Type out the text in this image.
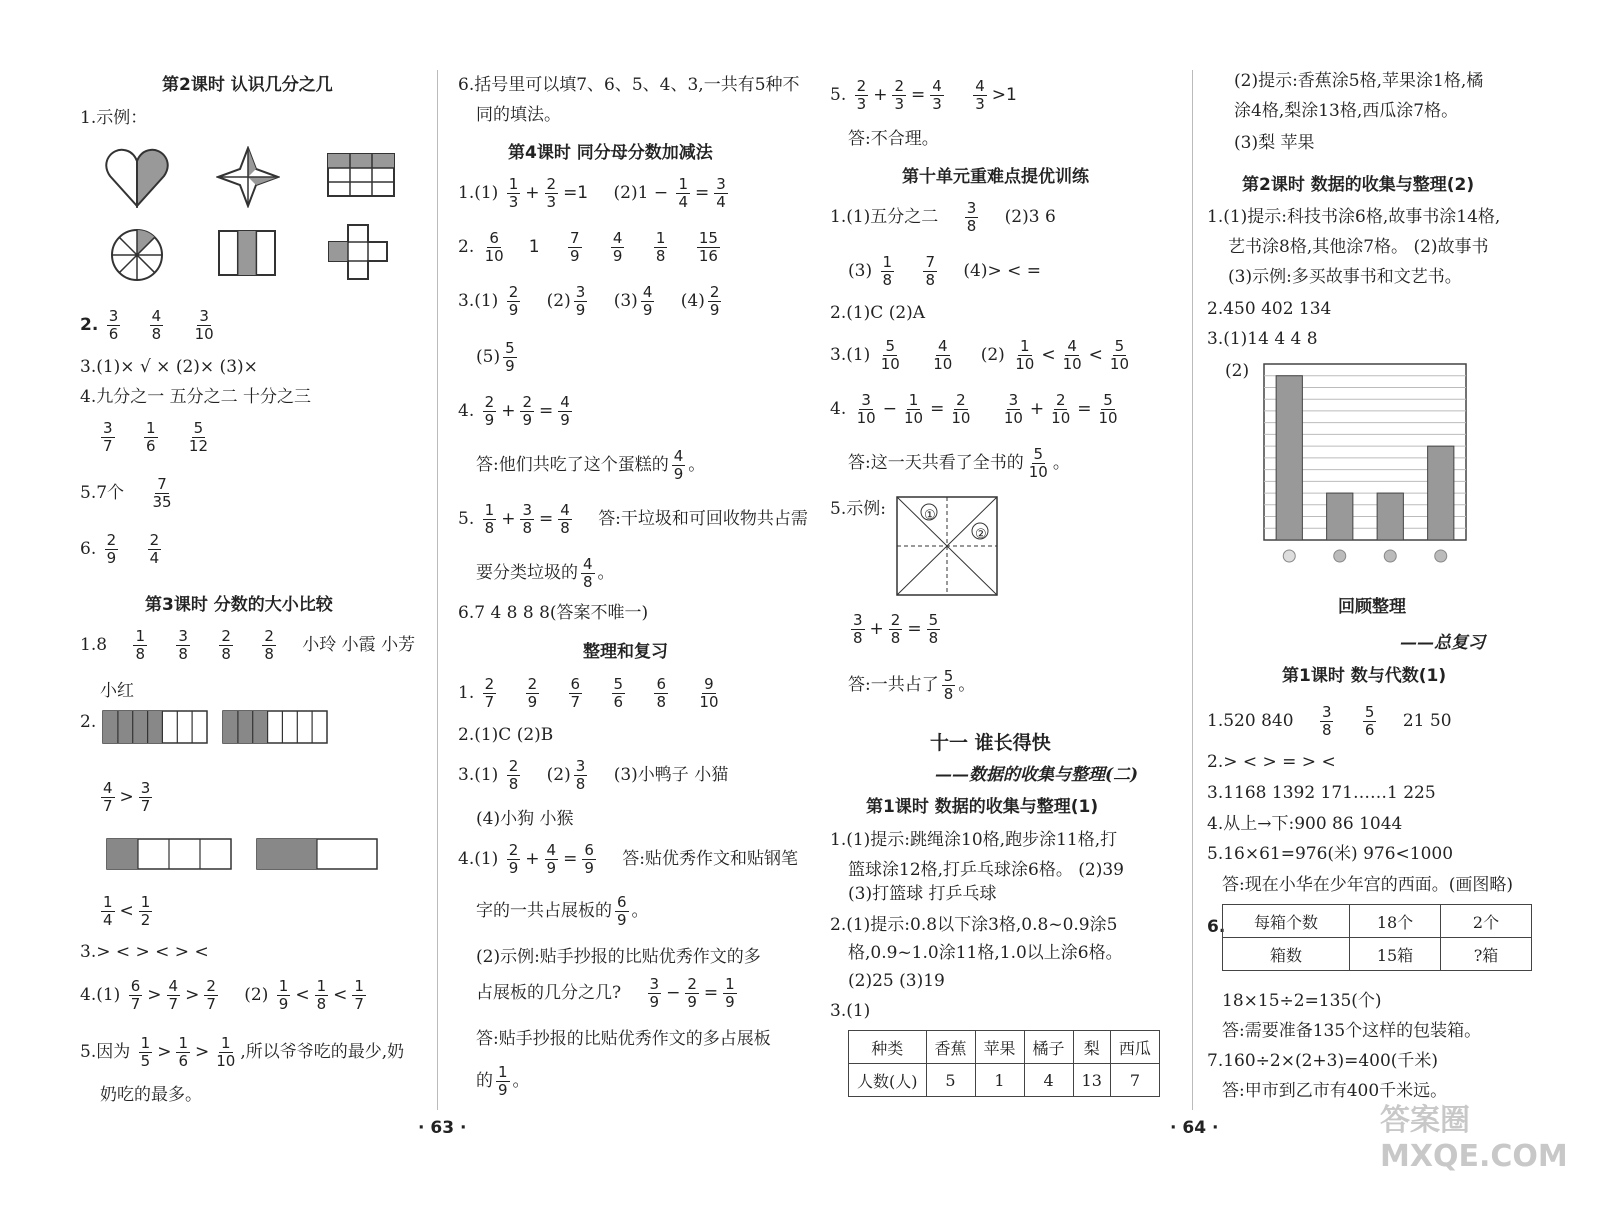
第2课时 认识几分之几
1.示例：
2. $\frac{3}{6}$
$\frac{4}{8}$
$\frac{3}{10}$
3.(1)× √ × (2)× (3)×
4.九分之一 五分之二 十分之三
$\frac{3}{7}$
$\frac{1}{6}$
$\frac{5}{12}$
5.7个 $\frac{7}{35}$
6. $\frac{2}{9}$
$\frac{2}{4}$
第3课时 分数的大小比较
$1.8 \frac{1}{8}$
$\frac{3}{8}$
$\frac{2}{8}$
$\frac{2}{8}$ 小玲 小霞 小芳
小红
2.
$\frac{4}{7} > \frac{3}{7}$
$\frac{1}{4} < \frac{1}{2}$
3.> < > < > <
$4.(1) \frac{6}{7} > \frac{4}{7} > \frac{2}{7} (2) \frac{1}{9} < \frac{1}{8} < \frac{1}{7}$
5.因为 $\frac{1}{5} > \frac{1}{6} > \frac{1}{10}$ ,所以爷爷吃的最少,奶
奶吃的最多。
6.括号里可以填7、6、5、4、3,一共有5种不
同的填法。
第4课时 同分母分数加减法
$1.(1) \frac{1}{3} + \frac{2}{3} =1$ $(2)1 - \frac{1}{4} = \frac{3}{4}$
2. $\frac{6}{10} 1 \frac{7}{9}$
$\frac{4}{9}$
$\frac{1}{8}$
$\frac{15}{16}$
$3.(1) \frac{2}{9} (2) \frac{3}{9} (3) \frac{4}{9} (4) \frac{2}{9}$
$(5) \frac{5}{9}$
4. $\frac{2}{9} + \frac{2}{9} = \frac{4}{9}$
答:他们共吃了这个蛋糕的 $\frac{4}{9}$ 。
5. $\frac{1}{8} + \frac{3}{8} = \frac{4}{8}$ 答:干垃圾和可回收物共占需
要分类垃圾的 $\frac{4}{8}$ 。
6.7 4 8 8 8(答案不唯一)
整理和复习
1. $\frac{2}{7}$
$\frac{2}{9}$
$\frac{6}{7}$
$\frac{5}{6}$
$\frac{6}{8}$
$\frac{9}{10}$
2.(1)C (2)B
$3.(1) \frac{2}{8} (2) \frac{3}{8} (3)$小鸭子 小猫
(4)小狗 小猴
$4.(1) \frac{2}{9} + \frac{4}{9} = \frac{6}{9}$ 答:贴优秀作文和贴钢笔
字的一共占展板的 $\frac{6}{9}$ 。
(2)示例:贴手抄报的比贴优秀作文的多
占展板的几分之几? $\frac{3}{9} - \frac{2}{9} = \frac{1}{9}$
答:贴手抄报的比贴优秀作文的多占展板
的 $\frac{1}{9}$ 。
· 63 ·
5. $\frac{2}{3} + \frac{2}{3} = \frac{4}{3}$
$\frac{4}{3} >1$
答:不合理。
第十单元重难点提优训练
1.(1)五分之二 $\frac{3}{8} (2)3$ 6
$(3) \frac{1}{8}$
$\frac{7}{8} (4)>$ < =
2.(1)C (2)A
$3.(1) \frac{5}{10}$
$\frac{4}{10} (2) \frac{1}{10} < \frac{4}{10} < \frac{5}{10}$
4. $\frac{3}{10} - \frac{1}{10} = \frac{2}{10}$
$\frac{3}{10} + \frac{2}{10} = \frac{5}{10}$
答:这一天共看了全书的 $\frac{5}{10}$ 。
5.示例:	①
②
$\frac{3}{8} + \frac{2}{8} = \frac{5}{8}$
答:一共占了 $\frac{5}{8}$ 。
十一 谁长得快
——数据的收集与整理(二)
第1课时 数据的收集与整理(1)
1.(1)提示:跳绳涂10格,跑步涂11格,打
篮球涂12格,打乒乓球涂6格。 (2)39
(3)打篮球 打乒乓球
2.(1)提示:0.8以下涂3格,0.8~0.9涂5
格,0.9~1.0涂11格,1.0以上涂6格。
(2)25 (3)19
3.(1)
种类	香蕉	苹果	橘子	梨	西瓜
人数(人)	5	1	4	13	7
(2)提示:香蕉涂5格,苹果涂1格,橘
涂4格,梨涂13格,西瓜涂7格。
(3)梨 苹果
第2课时 数据的收集与整理(2)
1.(1)提示:科技书涂6格,故事书涂14格,
艺书涂8格,其他涂7格。 (2)故事书
(3)示例:多买故事书和文艺书。
2.450 402 134
3.(1)14 4 4 8
(2)
回顾整理
——总复习
第1课时 数与代数(1)
1.520 $840 \frac{3}{8}$
$\frac{5}{6} 21$ 50
2.> < > = > <
3.1168 1392 171……1 225
4.从上→下:900 86 1044
5.16×61=976(米) 976<1000
答:现在小华在少年宫的西面。(画图略)
6. 每箱个数	18个	2个
箱数	15箱	?箱
18×15÷2=135(个)
答:需要准备135个这样的包装箱。
7.160÷2×(2+3)=400(千米)
答:甲市到乙市有400千米远。
· 64 ·	答案圈 MXQE.COM
